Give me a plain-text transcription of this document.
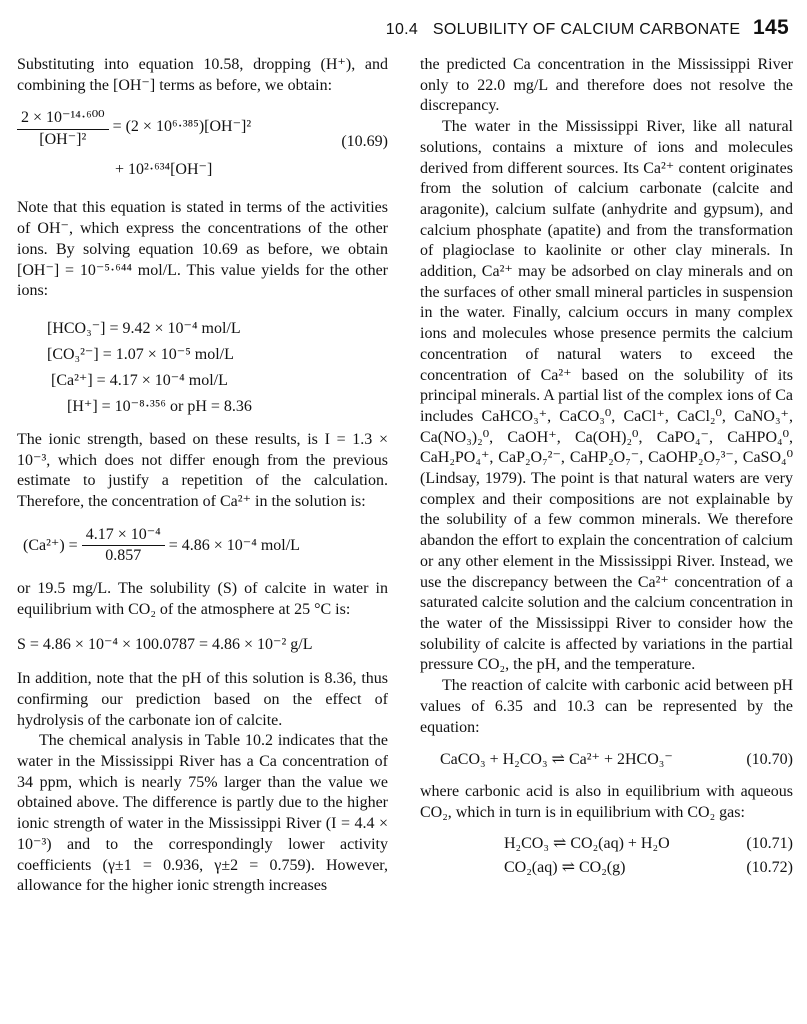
10.4 SOLUBILITY OF CALCIUM CARBONATE 145

Substituting into equation 10.58, dropping (H⁺), and combining the [OH⁻] terms as before, we obtain:

$\frac{\text{2 × 10⁻¹⁴·⁶⁰⁰}}{\text{[OH⁻]²}} = (2 \times 10^6\cdot^{385})[OH^-]^2$
+ 10²·⁶³⁴[OH⁻]
(10.69)

Note that this equation is stated in terms of the activities of OH⁻, which express the concentrations of the other ions. By solving equation 10.69 as before, we obtain [OH⁻] = 10⁻⁵·⁶⁴⁴ mol/L. This value yields for the other ions:

[HCO₃⁻] = 9.42 × 10⁻⁴ mol/L
[CO₃²⁻] = 1.07 × 10⁻⁵ mol/L
[Ca²⁺] = 4.17 × 10⁻⁴ mol/L
[H⁺] = 10⁻⁸·³⁵⁶ or pH = 8.36

The ionic strength, based on these results, is I = 1.3 × 10⁻³, which does not differ enough from the previous estimate to justify a repetition of the calculation. Therefore, the concentration of Ca²⁺ in the solution is:

$(Ca^{2+}) = \frac{\text{4.17 × 10⁻⁴}}{0.857} = 4.86 \times 10^{-4}$ mol/L

or 19.5 mg/L. The solubility (S) of calcite in water in equilibrium with CO₂ of the atmosphere at 25 °C is:

S = 4.86 × 10⁻⁴ × 100.0787 = 4.86 × 10⁻² g/L

In addition, note that the pH of this solution is 8.36, thus confirming our prediction based on the effect of hydrolysis of the carbonate ion of calcite.

The chemical analysis in Table 10.2 indicates that the water in the Mississippi River has a Ca concentration of 34 ppm, which is nearly 75% larger than the value we obtained above. The difference is partly due to the higher ionic strength of water in the Mississippi River (I = 4.4 × 10⁻³) and to the correspondingly lower activity coefficients (γ±1 = 0.936, γ±2 = 0.759). However, allowance for the higher ionic strength increases

the predicted Ca concentration in the Mississippi River only to 22.0 mg/L and therefore does not resolve the discrepancy.

The water in the Mississippi River, like all natural solutions, contains a mixture of ions and molecules derived from different sources. Its Ca²⁺ content originates from the solution of calcium carbonate (calcite and aragonite), calcium sulfate (anhydrite and gypsum), and calcium phosphate (apatite) and from the transformation of plagioclase to kaolinite or other clay minerals. In addition, Ca²⁺ may be adsorbed on clay minerals and on the surfaces of other small mineral particles in suspension in the water. Finally, calcium occurs in many complex ions and molecules whose presence permits the calcium concentration of natural waters to exceed the concentration of Ca²⁺ based on the solubility of its principal minerals. A partial list of the complex ions of Ca includes CaHCO₃⁺, CaCO₃⁰, CaCl⁺, CaCl₂⁰, CaNO₃⁺, Ca(NO₃)₂⁰, CaOH⁺, Ca(OH)₂⁰, CaPO₄⁻, CaHPO₄⁰, CaH₂PO₄⁺, CaP₂O₇²⁻, CaHP₂O₇⁻, CaOHP₂O₇³⁻, CaSO₄⁰ (Lindsay, 1979). The point is that natural waters are very complex and their compositions are not explainable by the solubility of a few common minerals. We therefore abandon the effort to explain the concentration of calcium or any other element in the Mississippi River. Instead, we use the discrepancy between the Ca²⁺ concentration of a saturated calcite solution and the calcium concentration in the water of the Mississippi River to consider how the solubility of calcite is affected by variations in the partial pressure CO₂, the pH, and the temperature.

The reaction of calcite with carbonic acid between pH values of 6.35 and 10.3 can be represented by the equation:

CaCO₃ + H₂CO₃ ⇌ Ca²⁺ + 2HCO₃⁻	(10.70)

where carbonic acid is also in equilibrium with aqueous CO₂, which in turn is in equilibrium with CO₂ gas:

H₂CO₃ ⇌ CO₂(aq) + H₂O	(10.71)
CO₂(aq) ⇌ CO₂(g)	(10.72)
